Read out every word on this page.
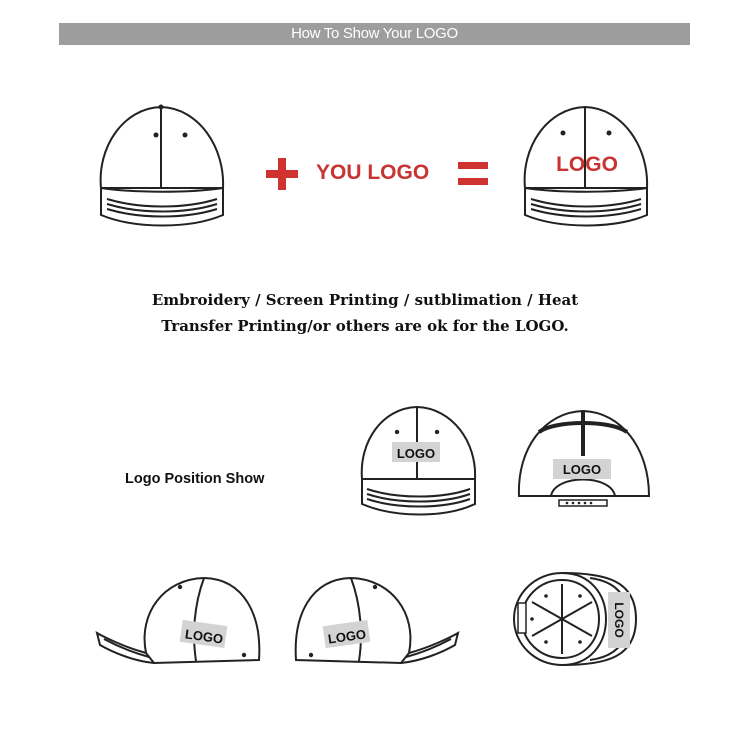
How To Show Your LOGO
YOU LOGO	LOGO
Embroidery / Screen Printing / sutblimation / Heat
Transfer Printing/or others are ok for the LOGO.
Logo Position Show
LOGO
LOGO
LOGO	LOGO	LOGO
